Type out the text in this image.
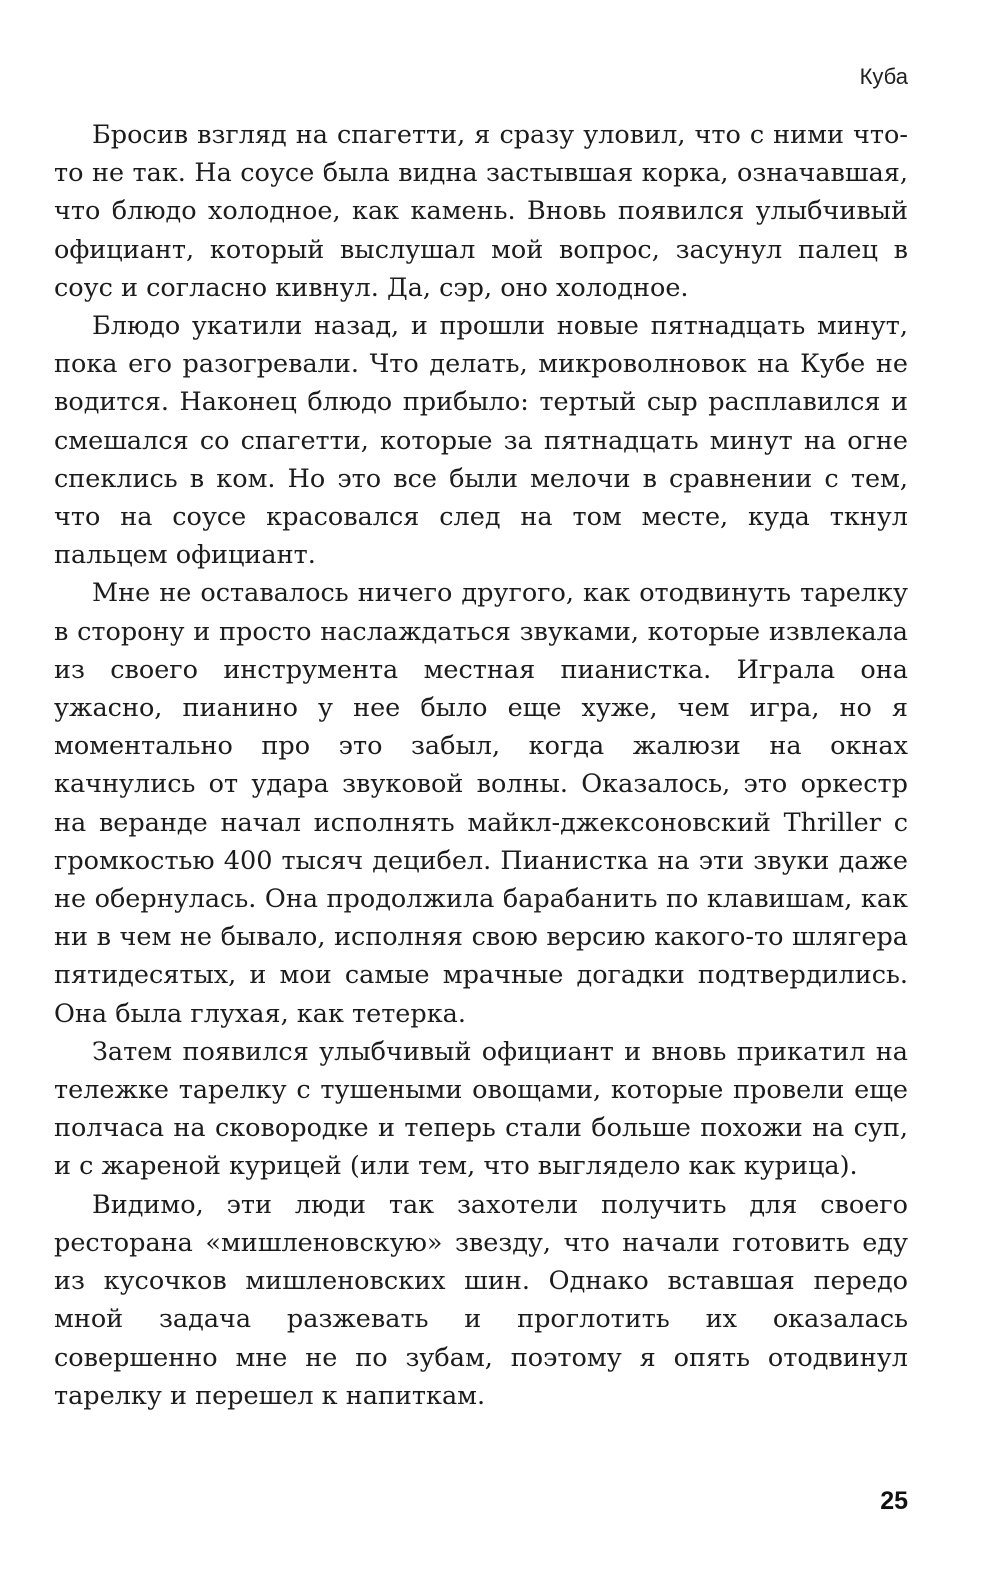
Куба

Бросив взгляд на спагетти, я сразу уловил, что с ними что-то не так. На соусе была видна застывшая корка, означавшая, что блюдо холодное, как камень. Вновь появился улыбчивый официант, который выслушал мой вопрос, засунул палец в соус и согласно кивнул. Да, сэр, оно холодное.

Блюдо укатили назад, и прошли новые пятнадцать минут, пока его разогревали. Что делать, микроволновок на Кубе не водится. Наконец блюдо прибыло: тертый сыр расплавился и смешался со спагетти, которые за пятнадцать минут на огне спеклись в ком. Но это все были мелочи в сравнении с тем, что на соусе красовался след на том месте, куда ткнул пальцем официант.

Мне не оставалось ничего другого, как отодвинуть тарелку в сторону и просто наслаждаться звуками, которые извлекала из своего инструмента местная пианистка. Играла она ужасно, пианино у нее было еще хуже, чем игра, но я моментально про это забыл, когда жалюзи на окнах качнулись от удара звуковой волны. Оказалось, это оркестр на веранде начал исполнять майкл-джексоновский Thriller с громкостью 400 тысяч децибел. Пианистка на эти звуки даже не обернулась. Она продолжила барабанить по клавишам, как ни в чем не бывало, исполняя свою версию какого-то шлягера пятидесятых, и мои самые мрачные догадки подтвердились. Она была глухая, как тетерка.

Затем появился улыбчивый официант и вновь прикатил на тележке тарелку с тушеными овощами, которые провели еще полчаса на сковородке и теперь стали больше похожи на суп, и с жареной курицей (или тем, что выглядело как курица).

Видимо, эти люди так захотели получить для своего ресторана «мишленовскую» звезду, что начали готовить еду из кусочков мишленовских шин. Однако вставшая передо мной задача разжевать и проглотить их оказалась совершенно мне не по зубам, поэтому я опять отодвинул тарелку и перешел к напиткам.

25
